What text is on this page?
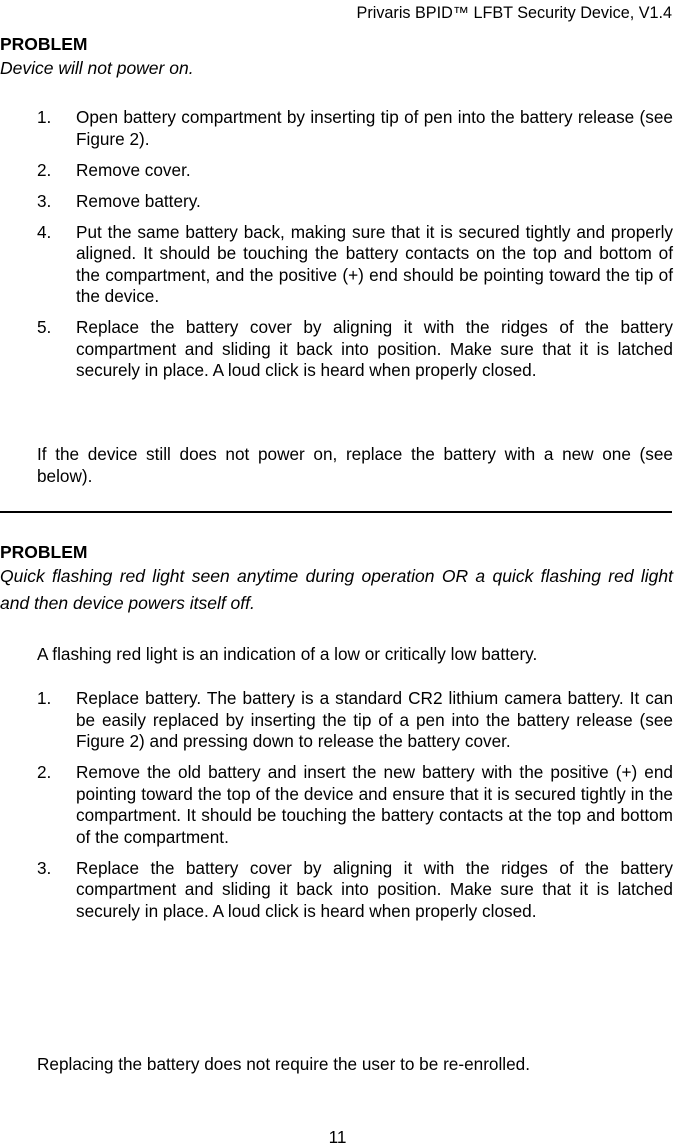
Privaris BPID™ LFBT Security Device, V1.4

PROBLEM

Device will not power on.

1. Open battery compartment by inserting tip of pen into the battery release (see Figure 2).
2. Remove cover.
3. Remove battery.
4. Put the same battery back, making sure that it is secured tightly and properly aligned. It should be touching the battery contacts on the top and bottom of the compartment, and the positive (+) end should be pointing toward the tip of the device.
5. Replace the battery cover by aligning it with the ridges of the battery compartment and sliding it back into position. Make sure that it is latched securely in place. A loud click is heard when properly closed.

If the device still does not power on, replace the battery with a new one (see below).

PROBLEM

Quick flashing red light seen anytime during operation OR a quick flashing red light and then device powers itself off.

A flashing red light is an indication of a low or critically low battery.

1. Replace battery. The battery is a standard CR2 lithium camera battery. It can be easily replaced by inserting the tip of a pen into the battery release (see Figure 2) and pressing down to release the battery cover.
2. Remove the old battery and insert the new battery with the positive (+) end pointing toward the top of the device and ensure that it is secured tightly in the compartment. It should be touching the battery contacts at the top and bottom of the compartment.
3. Replace the battery cover by aligning it with the ridges of the battery compartment and sliding it back into position. Make sure that it is latched securely in place. A loud click is heard when properly closed.

Replacing the battery does not require the user to be re-enrolled.

11
